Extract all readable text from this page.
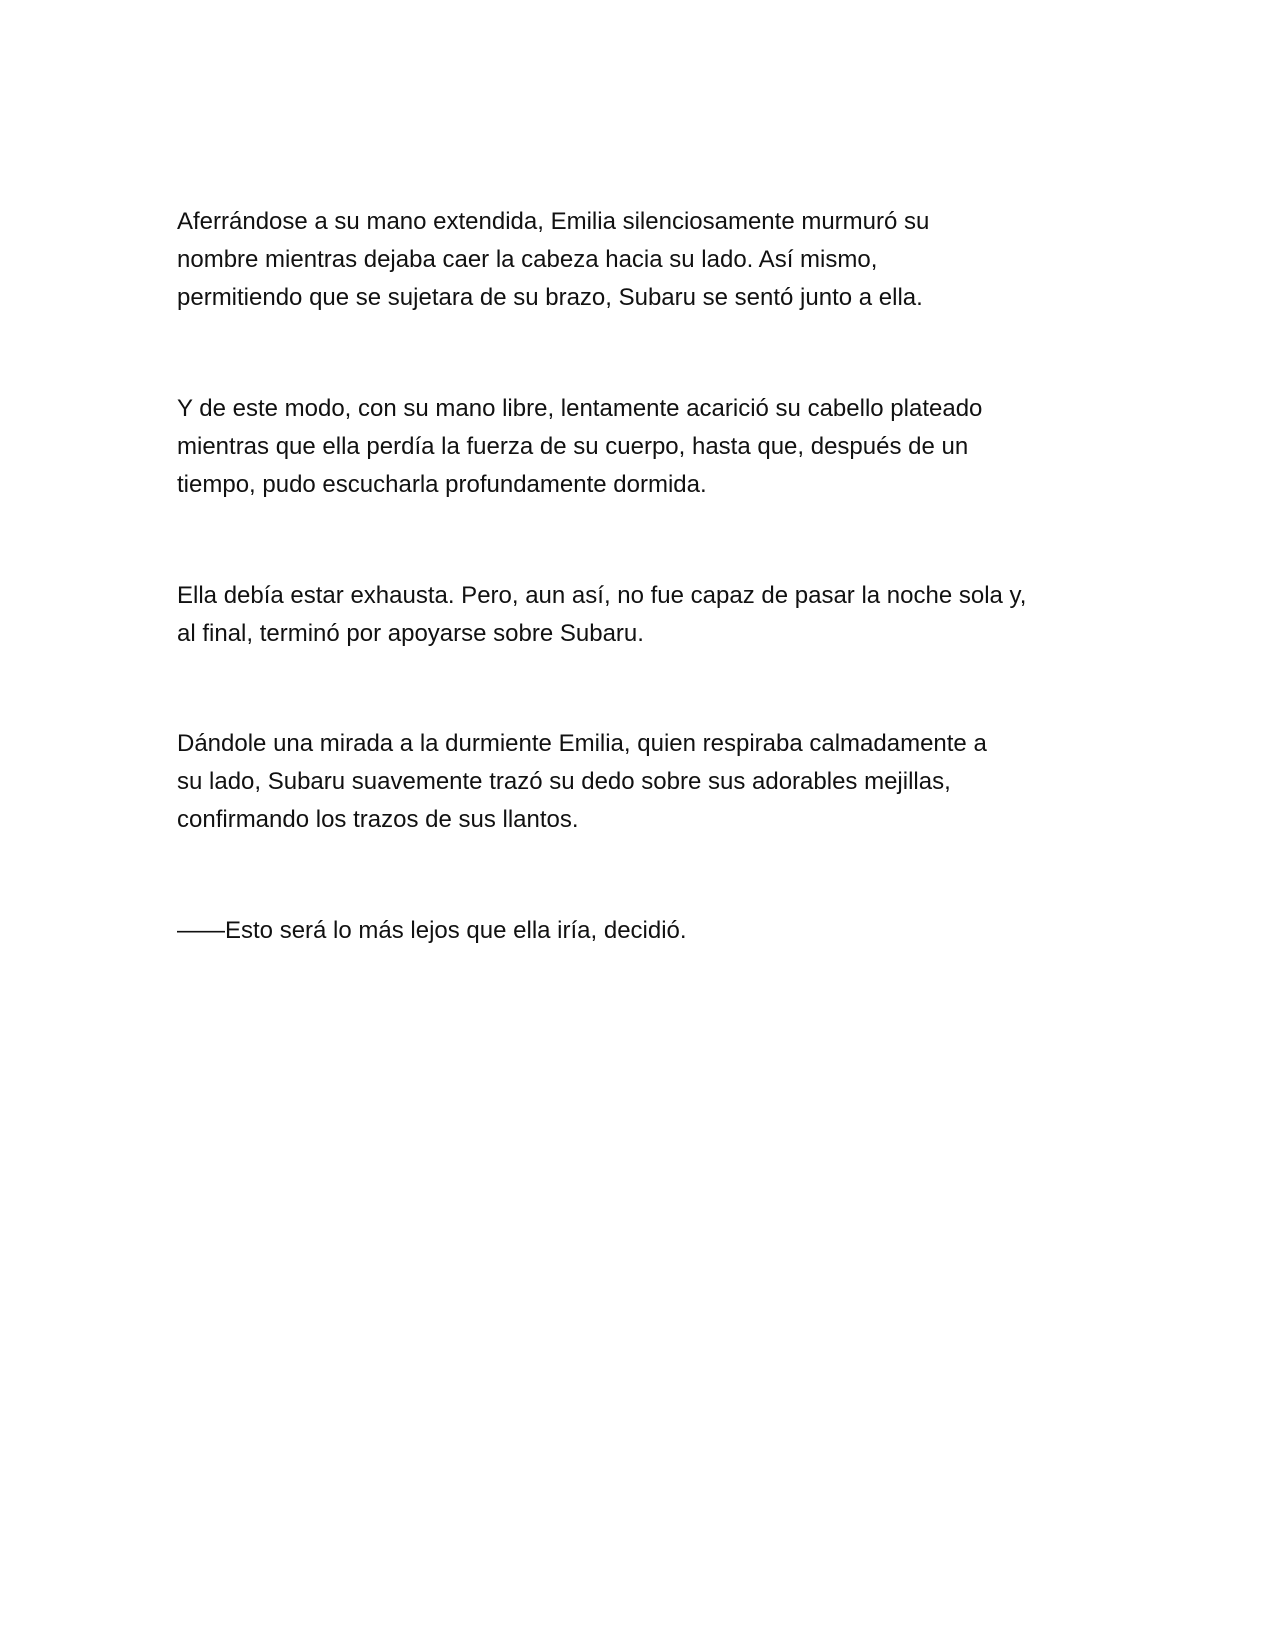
Aferrándose a su mano extendida, Emilia silenciosamente murmuró su
nombre mientras dejaba caer la cabeza hacia su lado. Así mismo,
permitiendo que se sujetara de su brazo, Subaru se sentó junto a ella.

Y de este modo, con su mano libre, lentamente acarició su cabello plateado
mientras que ella perdía la fuerza de su cuerpo, hasta que, después de un
tiempo, pudo escucharla profundamente dormida.

Ella debía estar exhausta. Pero, aun así, no fue capaz de pasar la noche sola y,
al final, terminó por apoyarse sobre Subaru.

Dándole una mirada a la durmiente Emilia, quien respiraba calmadamente a
su lado, Subaru suavemente trazó su dedo sobre sus adorables mejillas,
confirmando los trazos de sus llantos.

——Esto será lo más lejos que ella iría, decidió.
